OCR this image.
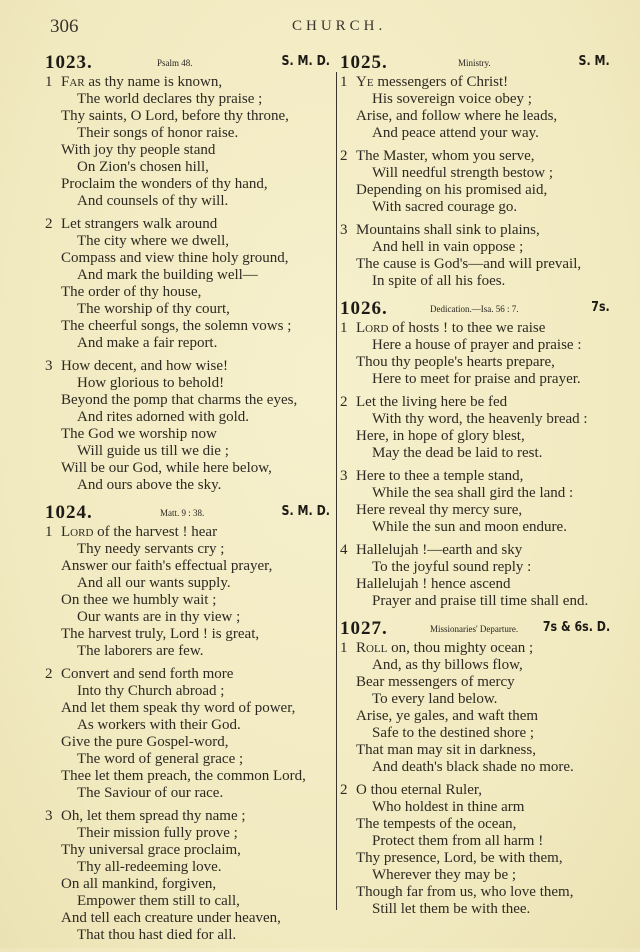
306	CHURCH.
1023.	Psalm 48.	S. M. D.
1 Far as thy name is known,
The world declares thy praise ;
Thy saints, O Lord, before thy throne,
Their songs of honor raise.
With joy thy people stand
On Zion's chosen hill,
Proclaim the wonders of thy hand,
And counsels of thy will.
2 Let strangers walk around
The city where we dwell,
Compass and view thine holy ground,
And mark the building well—
The order of thy house,
The worship of thy court,
The cheerful songs, the solemn vows ;
And make a fair report.
3 How decent, and how wise!
How glorious to behold!
Beyond the pomp that charms the eyes,
And rites adorned with gold.
The God we worship now
Will guide us till we die ;
Will be our God, while here below,
And ours above the sky.
1024.	Matt. 9 : 38.	S. M. D.
1 Lord of the harvest ! hear
Thy needy servants cry ;
Answer our faith's effectual prayer,
And all our wants supply.
On thee we humbly wait ;
Our wants are in thy view ;
The harvest truly, Lord ! is great,
The laborers are few.
2 Convert and send forth more
Into thy Church abroad ;
And let them speak thy word of power,
As workers with their God.
Give the pure Gospel-word,
The word of general grace ;
Thee let them preach, the common Lord,
The Saviour of our race.
3 Oh, let them spread thy name ;
Their mission fully prove ;
Thy universal grace proclaim,
Thy all-redeeming love.
On all mankind, forgiven,
Empower them still to call,
And tell each creature under heaven,
That thou hast died for all.
1025.	Ministry.	S. M.
1 Ye messengers of Christ!
His sovereign voice obey ;
Arise, and follow where he leads,
And peace attend your way.
2 The Master, whom you serve,
Will needful strength bestow ;
Depending on his promised aid,
With sacred courage go.
3 Mountains shall sink to plains,
And hell in vain oppose ;
The cause is God's—and will prevail,
In spite of all his foes.
1026.	Dedication.—Isa. 56 : 7.	7s.
1 Lord of hosts ! to thee we raise
Here a house of prayer and praise :
Thou thy people's hearts prepare,
Here to meet for praise and prayer.
2 Let the living here be fed
With thy word, the heavenly bread :
Here, in hope of glory blest,
May the dead be laid to rest.
3 Here to thee a temple stand,
While the sea shall gird the land :
Here reveal thy mercy sure,
While the sun and moon endure.
4 Hallelujah !—earth and sky
To the joyful sound reply :
Hallelujah ! hence ascend
Prayer and praise till time shall end.
1027.	Missionaries' Departure. 7s & 6s. D.
1 Roll on, thou mighty ocean ;
And, as thy billows flow,
Bear messengers of mercy
To every land below.
Arise, ye gales, and waft them
Safe to the destined shore ;
That man may sit in darkness,
And death's black shade no more.
2 O thou eternal Ruler,
Who holdest in thine arm
The tempests of the ocean,
Protect them from all harm !
Thy presence, Lord, be with them,
Wherever they may be ;
Though far from us, who love them,
Still let them be with thee.
